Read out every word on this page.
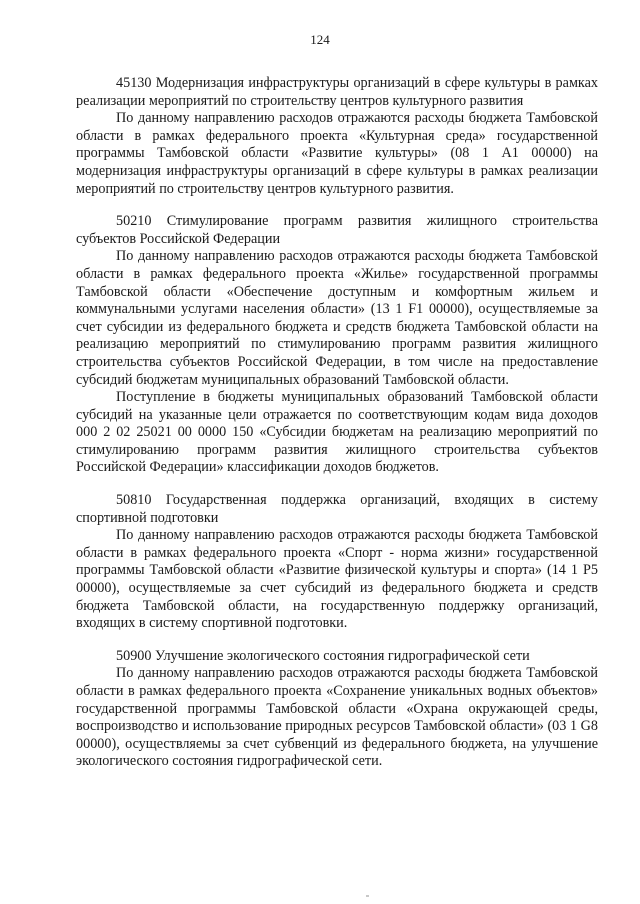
124

45130 Модернизация инфраструктуры организаций в сфере культуры в рамках реализации мероприятий по строительству центров культурного развития

По данному направлению расходов отражаются расходы бюджета Тамбовской области в рамках федерального проекта «Культурная среда» государственной программы Тамбовской области «Развитие культуры» (08 1 А1 00000) на модернизация инфраструктуры организаций в сфере культуры в рамках реализации мероприятий по строительству центров культурного развития.

50210 Стимулирование программ развития жилищного строительства субъектов Российской Федерации

По данному направлению расходов отражаются расходы бюджета Тамбовской области в рамках федерального проекта «Жилье» государственной программы Тамбовской области «Обеспечение доступным и комфортным жильем и коммунальными услугами населения области» (13 1 F1 00000), осуществляемые за счет субсидии из федерального бюджета и средств бюджета Тамбовской области на реализацию мероприятий по стимулированию программ развития жилищного строительства субъектов Российской Федерации, в том числе на предоставление субсидий бюджетам муниципальных образований Тамбовской области.

Поступление в бюджеты муниципальных образований Тамбовской области субсидий на указанные цели отражается по соответствующим кодам вида доходов 000 2 02 25021 00 0000 150 «Субсидии бюджетам на реализацию мероприятий по стимулированию программ развития жилищного строительства субъектов Российской Федерации» классификации доходов бюджетов.

50810 Государственная поддержка организаций, входящих в систему спортивной подготовки

По данному направлению расходов отражаются расходы бюджета Тамбовской области в рамках федерального проекта «Спорт - норма жизни» государственной программы Тамбовской области «Развитие физической культуры и спорта» (14 1 P5 00000), осуществляемые за счет субсидий из федерального бюджета и средств бюджета Тамбовской области, на государственную поддержку организаций, входящих в систему спортивной подготовки.

50900 Улучшение экологического состояния гидрографической сети

По данному направлению расходов отражаются расходы бюджета Тамбовской области в рамках федерального проекта «Сохранение уникальных водных объектов» государственной программы Тамбовской области «Охрана окружающей среды, воспроизводство и использование природных ресурсов Тамбовской области» (03 1 G8 00000), осуществляемы за счет субвенций из федерального бюджета, на улучшение экологического состояния гидрографической сети.
